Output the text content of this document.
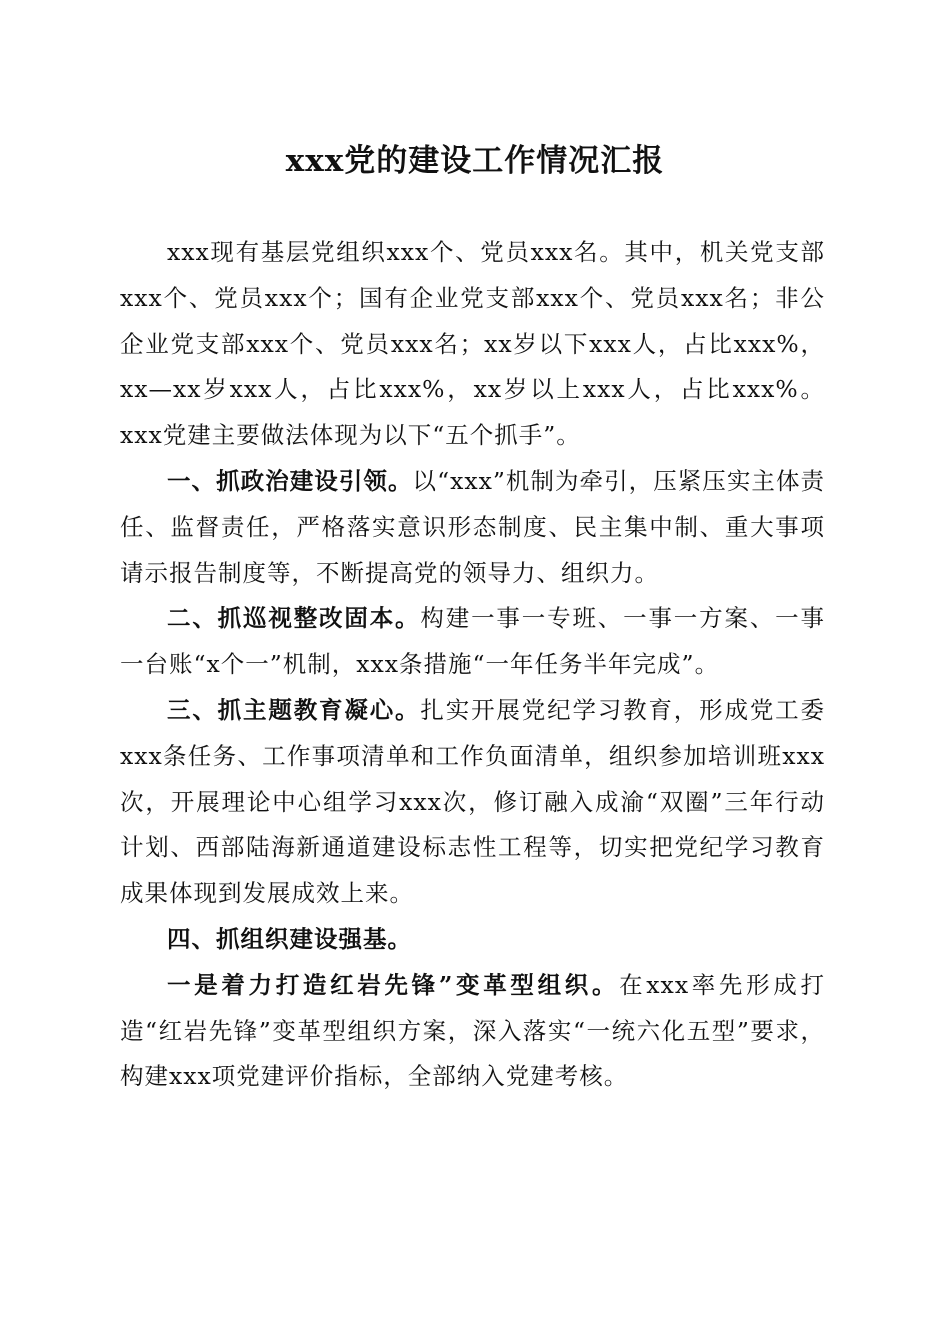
xxx党的建设工作情况汇报

xxx现有基层党组织xxx个、党员xxx名。其中，机关党支部xxx个、党员xxx个；国有企业党支部xxx个、党员xxx名；非公企业党支部xxx个、党员xxx名；xx岁以下xxx人，占比xxx%，xx—xx岁xxx人，占比xxx%，xx岁以上xxx人，占比xxx%。xxx党建主要做法体现为以下“五个抓手”。

一、抓政治建设引领。以“xxx”机制为牵引，压紧压实主体责任、监督责任，严格落实意识形态制度、民主集中制、重大事项请示报告制度等，不断提高党的领导力、组织力。

二、抓巡视整改固本。构建一事一专班、一事一方案、一事一台账“x个一”机制，xxx条措施“一年任务半年完成”。

三、抓主题教育凝心。扎实开展党纪学习教育，形成党工委xxx条任务、工作事项清单和工作负面清单，组织参加培训班xxx次，开展理论中心组学习xxx次，修订融入成渝“双圈”三年行动计划、西部陆海新通道建设标志性工程等，切实把党纪学习教育成果体现到发展成效上来。

四、抓组织建设强基。

一是着力打造红岩先锋”变革型组织。在xxx率先形成打造“红岩先锋”变革型组织方案，深入落实“一统六化五型”要求，构建xxx项党建评价指标，全部纳入党建考核。
